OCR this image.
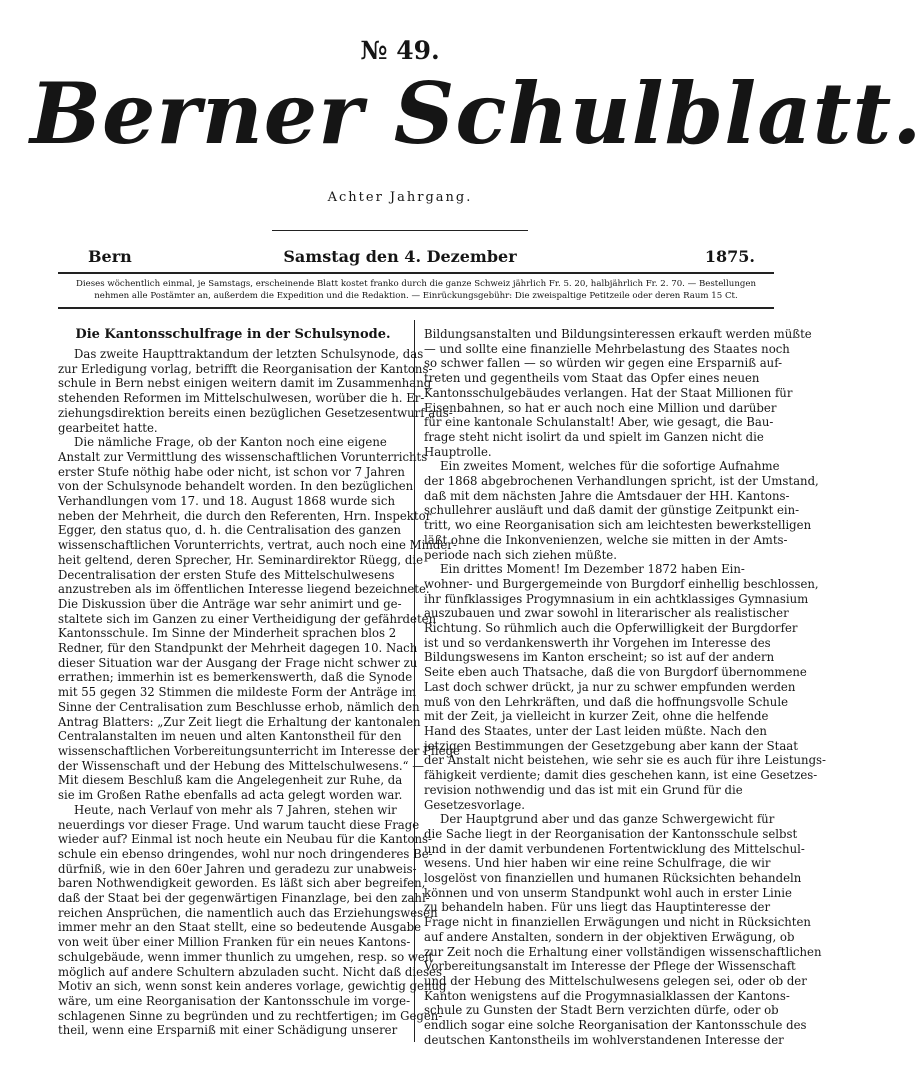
№ 49.
Berner Schulblatt.
Achter Jahrgang.
Bern	Samstag den 4. Dezember	1875.
Dieses wöchentlich einmal, je Samstags, erscheinende Blatt kostet franko durch die ganze Schweiz jährlich Fr. 5. 20, halbjährlich Fr. 2. 70. — Bestellungen
nehmen alle Postämter an, außerdem die Expedition und die Redaktion. — Einrückungsgebühr: Die zweispaltige Petitzeile oder deren Raum 15 Ct.
Die Kantonsschulfrage in der Schulsynode.
Das zweite Haupttraktandum der letzten Schulsynode, das
zur Erledigung vorlag, betrifft die Reorganisation der Kantons-
schule in Bern nebst einigen weitern damit im Zusammenhang
stehenden Reformen im Mittelschulwesen, worüber die h. Er-
ziehungsdirektion bereits einen bezüglichen Gesetzesentwurf aus-
gearbeitet hatte.
Die nämliche Frage, ob der Kanton noch eine eigene
Anstalt zur Vermittlung des wissenschaftlichen Vorunterrichts
erster Stufe nöthig habe oder nicht, ist schon vor 7 Jahren
von der Schulsynode behandelt worden. In den bezüglichen
Verhandlungen vom 17. und 18. August 1868 wurde sich
neben der Mehrheit, die durch den Referenten, Hrn. Inspektor
Egger, den status quo, d. h. die Centralisation des ganzen
wissenschaftlichen Vorunterrichts, vertrat, auch noch eine Minder-
heit geltend, deren Sprecher, Hr. Seminardirektor Rüegg, die
Decentralisation der ersten Stufe des Mittelschulwesens
anzustreben als im öffentlichen Interesse liegend bezeichnete.
Die Diskussion über die Anträge war sehr animirt und ge-
staltete sich im Ganzen zu einer Vertheidigung der gefährdeten
Kantonsschule. Im Sinne der Minderheit sprachen blos 2
Redner, für den Standpunkt der Mehrheit dagegen 10. Nach
dieser Situation war der Ausgang der Frage nicht schwer zu
errathen; immerhin ist es bemerkenswerth, daß die Synode
mit 55 gegen 32 Stimmen die mildeste Form der Anträge im
Sinne der Centralisation zum Beschlusse erhob, nämlich den
Antrag Blatters: „Zur Zeit liegt die Erhaltung der kantonalen
Centralanstalten im neuen und alten Kantonstheil für den
wissenschaftlichen Vorbereitungsunterricht im Interesse der Pflege
der Wissenschaft und der Hebung des Mittelschulwesens.“ —
Mit diesem Beschluß kam die Angelegenheit zur Ruhe, da
sie im Großen Rathe ebenfalls ad acta gelegt worden war.
Heute, nach Verlauf von mehr als 7 Jahren, stehen wir
neuerdings vor dieser Frage. Und warum taucht diese Frage
wieder auf? Einmal ist noch heute ein Neubau für die Kantons-
schule ein ebenso dringendes, wohl nur noch dringenderes Be-
dürfniß, wie in den 60er Jahren und geradezu zur unabweis-
baren Nothwendigkeit geworden. Es läßt sich aber begreifen,
daß der Staat bei der gegenwärtigen Finanzlage, bei den zahl-
reichen Ansprüchen, die namentlich auch das Erziehungswesen
immer mehr an den Staat stellt, eine so bedeutende Ausgabe
von weit über einer Million Franken für ein neues Kantons-
schulgebäude, wenn immer thunlich zu umgehen, resp. so weit
möglich auf andere Schultern abzuladen sucht. Nicht daß dieses
Motiv an sich, wenn sonst kein anderes vorlage, gewichtig genug
wäre, um eine Reorganisation der Kantonsschule im vorge-
schlagenen Sinne zu begründen und zu rechtfertigen; im Gegen-
theil, wenn eine Ersparniß mit einer Schädigung unserer
Bildungsanstalten und Bildungsinteressen erkauft werden müßte
— und sollte eine finanzielle Mehrbelastung des Staates noch
so schwer fallen — so würden wir gegen eine Ersparniß auf-
treten und gegentheils vom Staat das Opfer eines neuen
Kantonsschulgebäudes verlangen. Hat der Staat Millionen für
Eisenbahnen, so hat er auch noch eine Million und darüber
für eine kantonale Schulanstalt! Aber, wie gesagt, die Bau-
frage steht nicht isolirt da und spielt im Ganzen nicht die
Hauptrolle.
Ein zweites Moment, welches für die sofortige Aufnahme
der 1868 abgebrochenen Verhandlungen spricht, ist der Umstand,
daß mit dem nächsten Jahre die Amtsdauer der HH. Kantons-
schullehrer ausläuft und daß damit der günstige Zeitpunkt ein-
tritt, wo eine Reorganisation sich am leichtesten bewerkstelligen
läßt ohne die Inkonvenienzen, welche sie mitten in der Amts-
periode nach sich ziehen müßte.
Ein drittes Moment! Im Dezember 1872 haben Ein-
wohner- und Burgergemeinde von Burgdorf einhellig beschlossen,
ihr fünfklassiges Progymnasium in ein achtklassiges Gymnasium
auszubauen und zwar sowohl in literarischer als realistischer
Richtung. So rühmlich auch die Opferwilligkeit der Burgdorfer
ist und so verdankenswerth ihr Vorgehen im Interesse des
Bildungswesens im Kanton erscheint; so ist auf der andern
Seite eben auch Thatsache, daß die von Burgdorf übernommene
Last doch schwer drückt, ja nur zu schwer empfunden werden
muß von den Lehrkräften, und daß die hoffnungsvolle Schule
mit der Zeit, ja vielleicht in kurzer Zeit, ohne die helfende
Hand des Staates, unter der Last leiden müßte. Nach den
jetzigen Bestimmungen der Gesetzgebung aber kann der Staat
der Anstalt nicht beistehen, wie sehr sie es auch für ihre Leistungs-
fähigkeit verdiente; damit dies geschehen kann, ist eine Gesetzes-
revision nothwendig und das ist mit ein Grund für die
Gesetzesvorlage.
Der Hauptgrund aber und das ganze Schwergewicht für
die Sache liegt in der Reorganisation der Kantonsschule selbst
und in der damit verbundenen Fortentwicklung des Mittelschul-
wesens. Und hier haben wir eine reine Schulfrage, die wir
losgelöst von finanziellen und humanen Rücksichten behandeln
können und von unserm Standpunkt wohl auch in erster Linie
zu behandeln haben. Für uns liegt das Hauptinteresse der
Frage nicht in finanziellen Erwägungen und nicht in Rücksichten
auf andere Anstalten, sondern in der objektiven Erwägung, ob
zur Zeit noch die Erhaltung einer vollständigen wissenschaftlichen
Vorbereitungsanstalt im Interesse der Pflege der Wissenschaft
und der Hebung des Mittelschulwesens gelegen sei, oder ob der
Kanton wenigstens auf die Progymnasialklassen der Kantons-
schule zu Gunsten der Stadt Bern verzichten dürfe, oder ob
endlich sogar eine solche Reorganisation der Kantonsschule des
deutschen Kantonstheils im wohlverstandenen Interesse der
